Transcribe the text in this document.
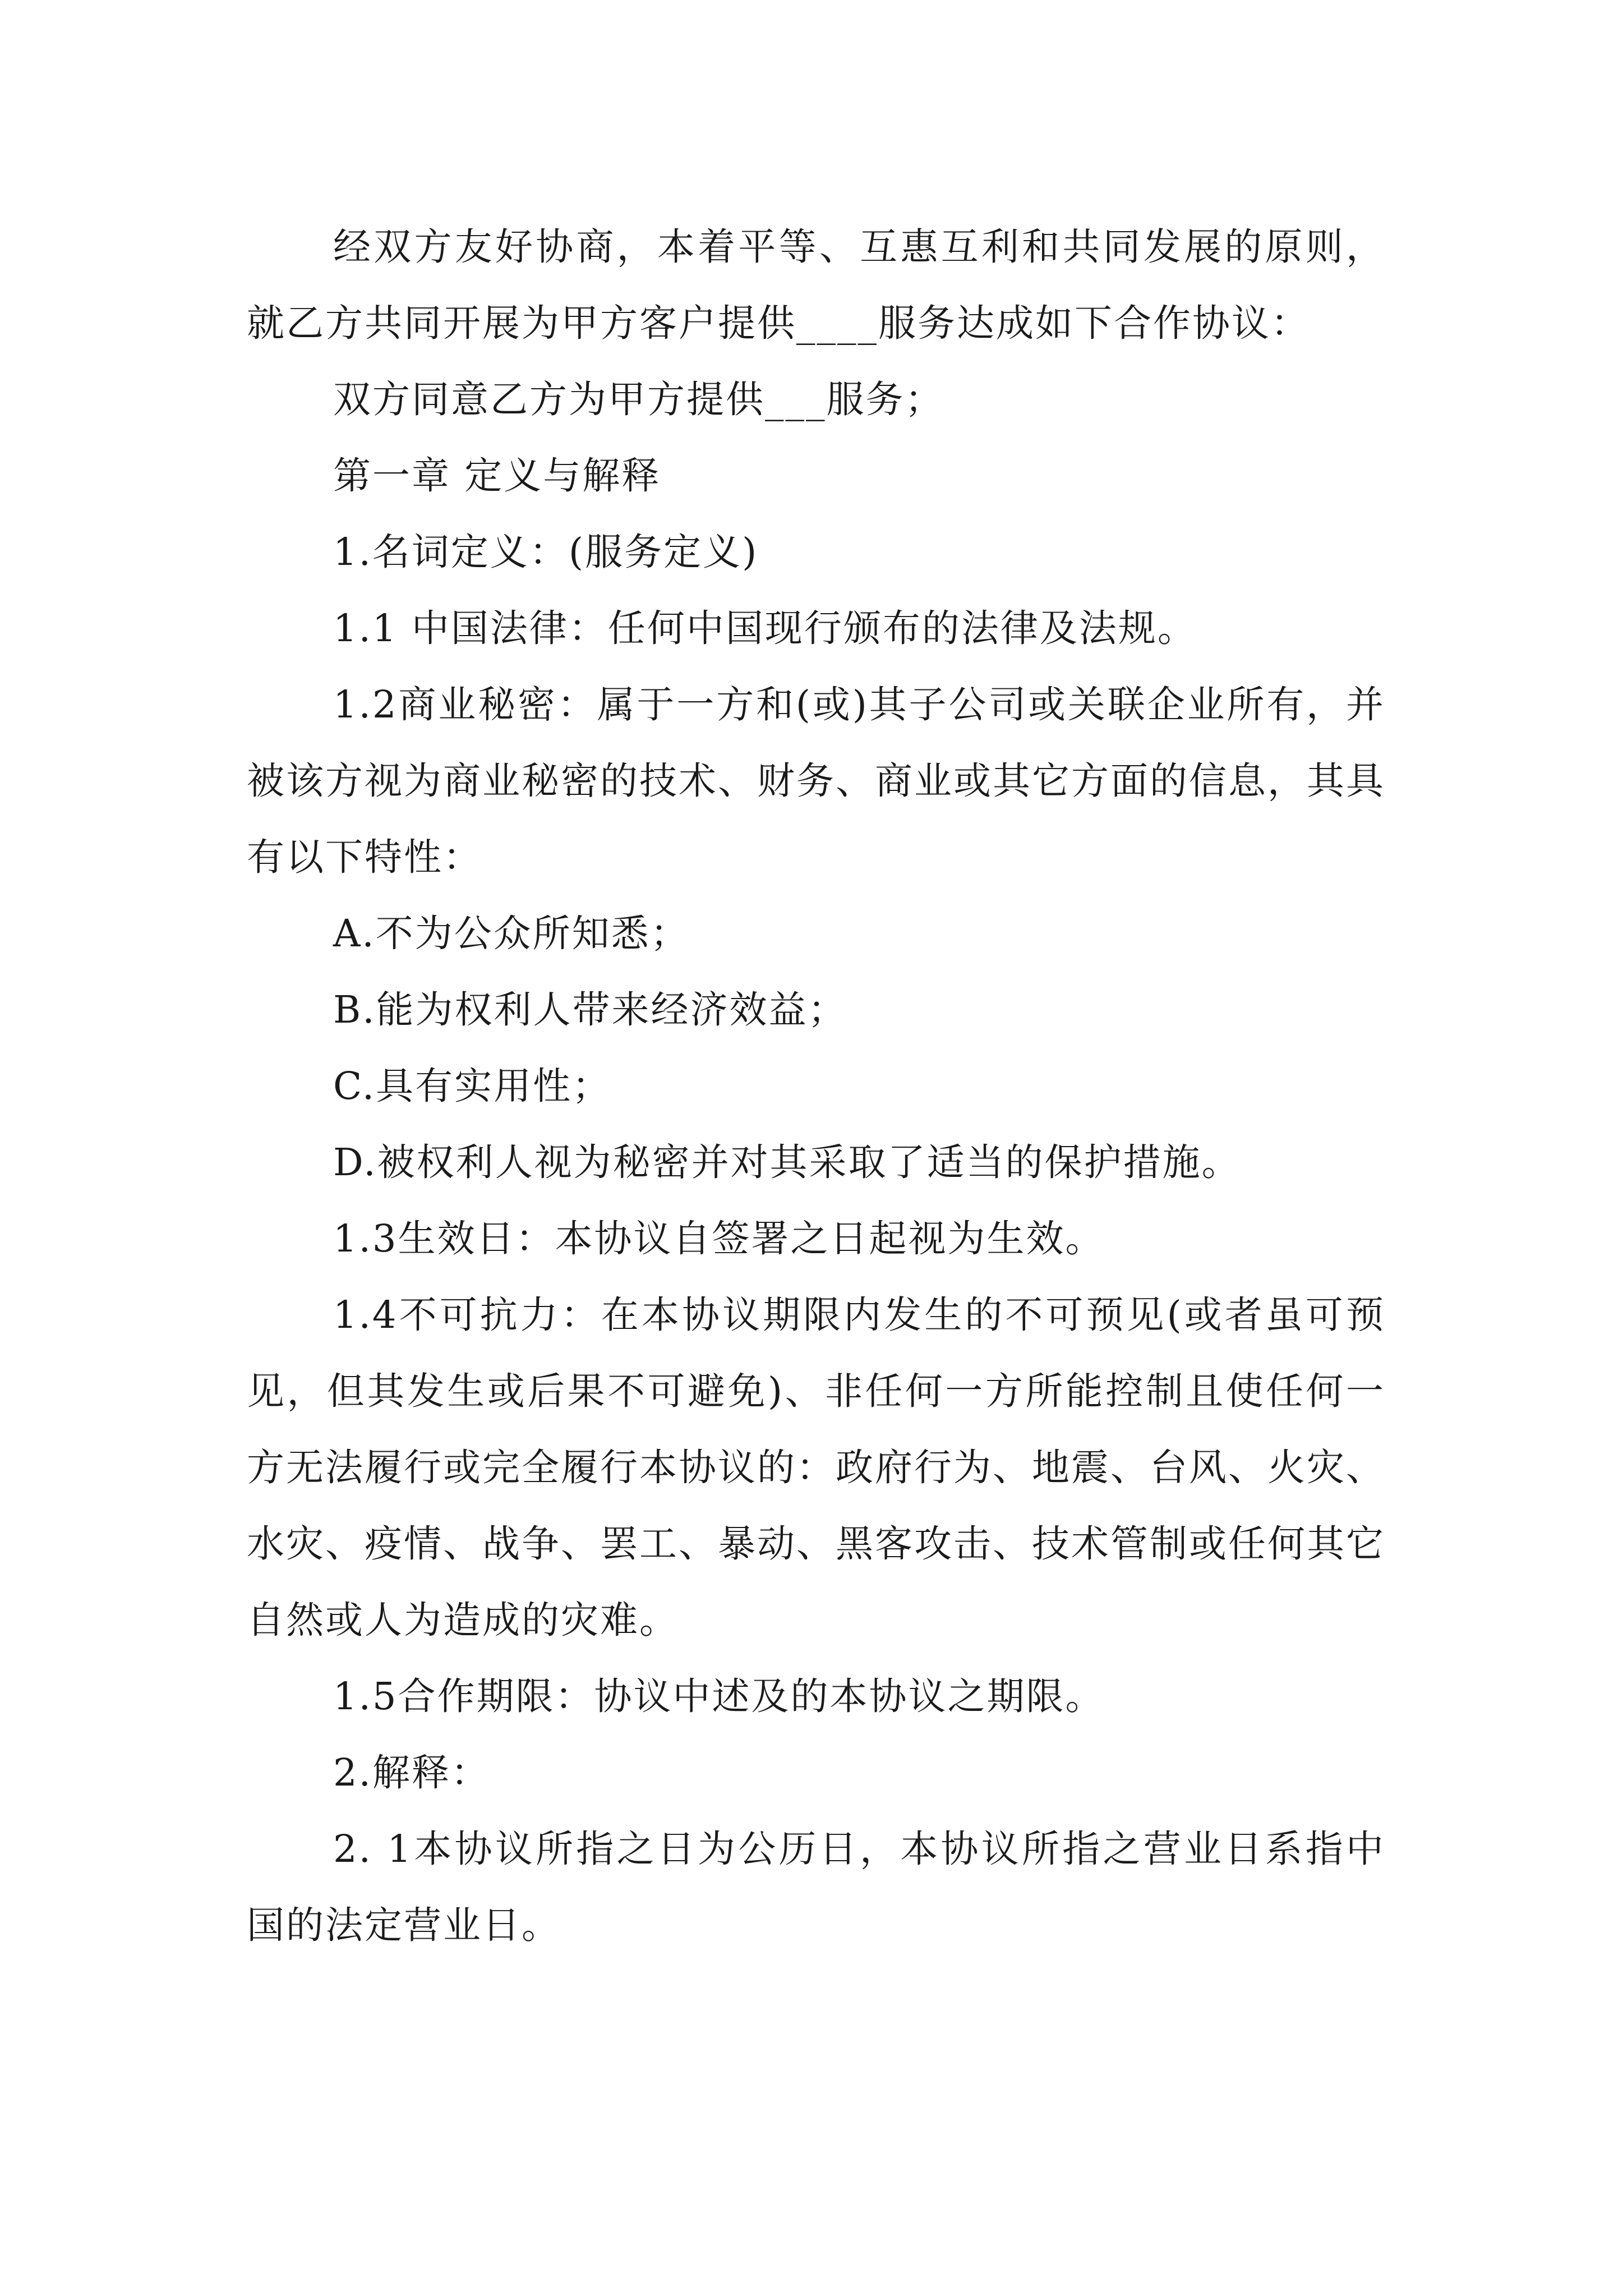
经双方友好协商，本着平等、互惠互利和共同发展的原则，就乙方共同开展为甲方客户提供____服务达成如下合作协议：

双方同意乙方为甲方提供___服务；

第一章 定义与解释

1.名词定义：(服务定义)

1.1 中国法律：任何中国现行颁布的法律及法规。

1.2商业秘密：属于一方和(或)其子公司或关联企业所有，并被该方视为商业秘密的技术、财务、商业或其它方面的信息，其具有以下特性：

A.不为公众所知悉；

B.能为权利人带来经济效益；

C.具有实用性；

D.被权利人视为秘密并对其采取了适当的保护措施。

1.3生效日：本协议自签署之日起视为生效。

1.4不可抗力：在本协议期限内发生的不可预见(或者虽可预见，但其发生或后果不可避免)、非任何一方所能控制且使任何一方无法履行或完全履行本协议的：政府行为、地震、台风、火灾、水灾、疫情、战争、罢工、暴动、黑客攻击、技术管制或任何其它自然或人为造成的灾难。

1.5合作期限：协议中述及的本协议之期限。

2.解释：

2. 1本协议所指之日为公历日，本协议所指之营业日系指中国的法定营业日。
